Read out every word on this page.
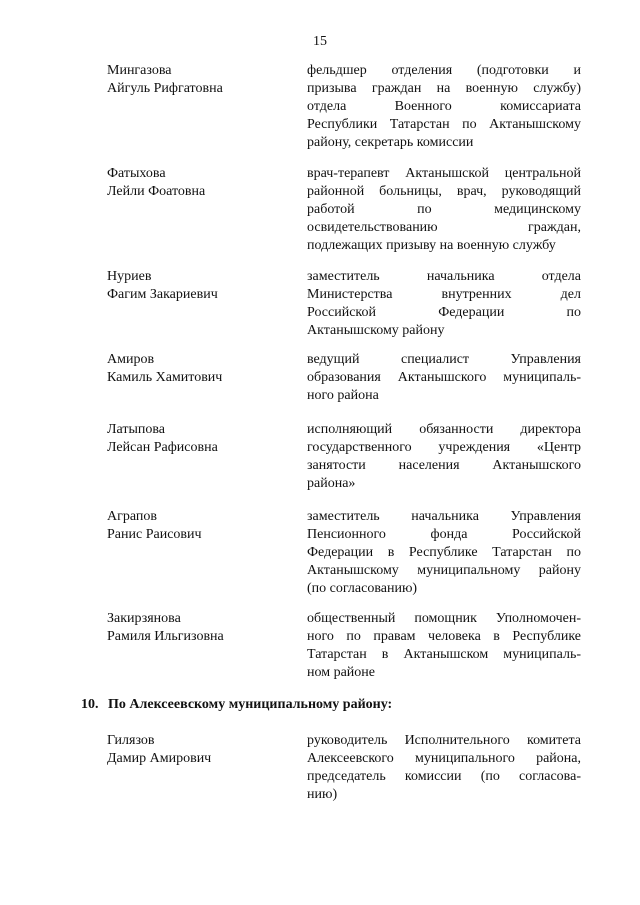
15
Мингазова
Айгуль Рифгатовна
фельдшер отделения (подготовки и
призыва граждан на военную службу)
отдела Военного комиссариата
Республики Татарстан по Актанышскому
району, секретарь комиссии
Фатыхова
Лейли Фоатовна
врач-терапевт Актанышской центральной
районной больницы, врач, руководящий
работой по медицинскому
освидетельствованию граждан,
подлежащих призыву на военную службу
Нуриев
Фагим Закариевич
заместитель начальника отдела
Министерства внутренних дел
Российской Федерации по
Актанышскому району
Амиров
Камиль Хамитович
ведущий специалист Управления
образования Актанышского муниципаль-
ного района
Латыпова
Лейсан Рафисовна
исполняющий обязанности директора
государственного учреждения «Центр
занятости населения Актанышского
района»
Аграпов
Ранис Раисович
заместитель начальника Управления
Пенсионного фонда Российской
Федерации в Республике Татарстан по
Актанышскому муниципальному району
(по согласованию)
Закирзянова
Рамиля Ильгизовна
общественный помощник Уполномочен-
ного по правам человека в Республике
Татарстан в Актанышском муниципаль-
ном районе
10. По Алексеевскому муниципальному району:
Гилязов
Дамир Амирович
руководитель Исполнительного комитета
Алексеевского муниципального района,
председатель комиссии (по согласова-
нию)
